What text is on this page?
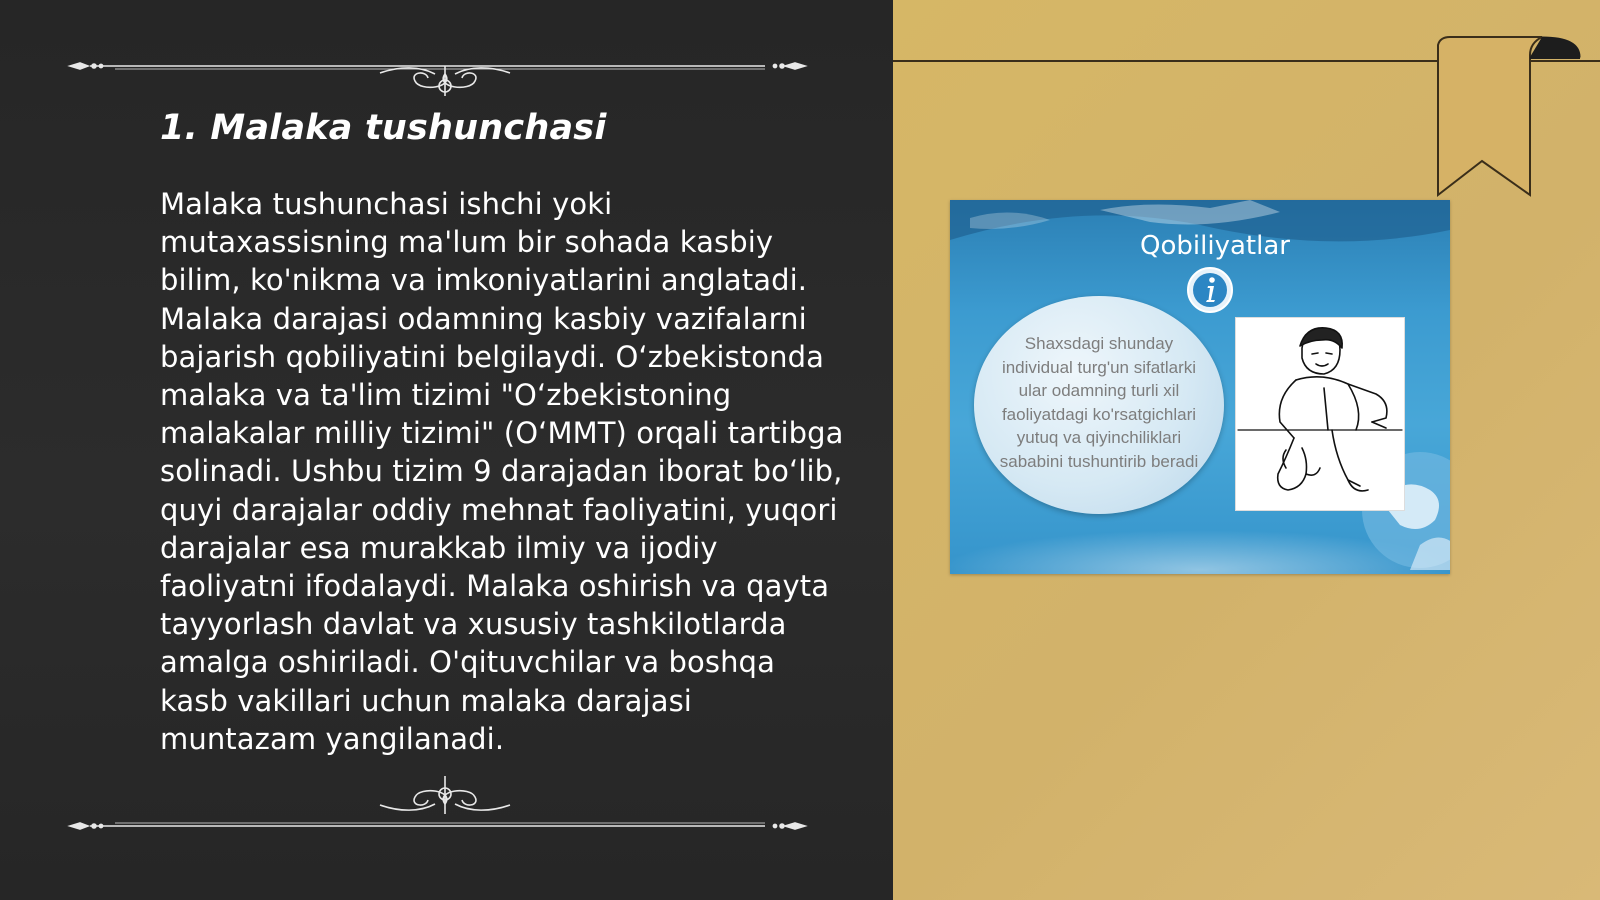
1. Malaka tushunchasi

Malaka tushunchasi ishchi yoki mutaxassisning ma'lum bir sohada kasbiy bilim, ko'nikma va imkoniyatlarini anglatadi. Malaka darajasi odamning kasbiy vazifalarni bajarish qobiliyatini belgilaydi. O‘zbekistonda malaka va ta'lim tizimi "O‘zbekistoning malakalar milliy tizimi" (O‘MMT) orqali tartibga solinadi. Ushbu tizim 9 darajadan iborat bo‘lib, quyi darajalar oddiy mehnat faoliyatini, yuqori darajalar esa murakkab ilmiy va ijodiy faoliyatni ifodalaydi. Malaka oshirish va qayta tayyorlash davlat va xususiy tashkilotlarda amalga oshiriladi. O'qituvchilar va boshqa kasb vakillari uchun malaka darajasi muntazam yangilanadi.

Qobiliyatlar

Shaxsdagi shunday individual turg'un sifatlarki ular odamning turli xil faoliyatdagi ko'rsatgichlari yutuq va qiyinchiliklari sababini tushuntirib beradi
